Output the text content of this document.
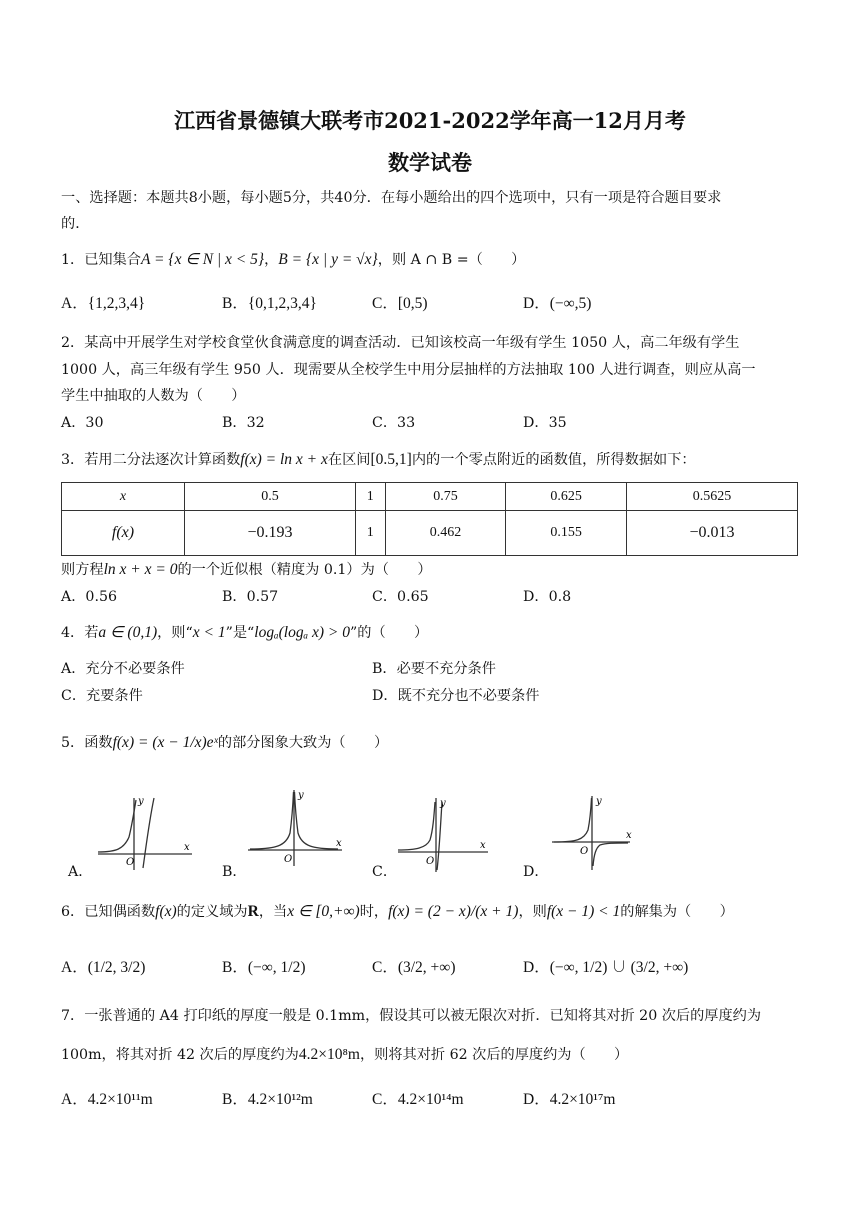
江西省景德镇大联考市2021-2022学年高一12月月考
数学试卷
一、选择题：本题共8小题，每小题5分，共40分．在每小题给出的四个选项中，只有一项是符合题目要求
的．
1．已知集合A = {x ∈ N | x < 5}，B = {x | y = √x}，则 A ∩ B =（　　）
A．{1,2,3,4}	B．{0,1,2,3,4}	C．[0,5)	D．(−∞,5)
2．某高中开展学生对学校食堂伙食满意度的调查活动．已知该校高一年级有学生 1050 人，高二年级有学生
1000 人，高三年级有学生 950 人．现需要从全校学生中用分层抽样的方法抽取 100 人进行调查，则应从高一
学生中抽取的人数为（　　）
A．30	B．32	C．33	D．35
3．若用二分法逐次计算函数f(x) = ln x + x在区间[0.5,1]内的一个零点附近的函数值，所得数据如下：
x	0.5	1	0.75	0.625	0.5625
f(x)	−0.193	1	0.462	0.155	−0.013
则方程ln x + x = 0的一个近似根（精度为 0.1）为（　　）
A．0.56	B．0.57	C．0.65	D．0.8
4．若a ∈ (0,1)，则“x < 1”是“logₐ(logₐ x) > 0”的（　　）
A．充分不必要条件	B．必要不充分条件
C．充要条件	D．既不充分也不必要条件
5．函数f(x) = (x − 1/x)eˣ的部分图象大致为（　　）
y
x
O
A．
y
x
O
B．
y
x
O
C．
y
x
O
D．
6．已知偶函数f(x)的定义域为R，当x ∈ [0,+∞)时，f(x) = (2 − x)/(x + 1)，则f(x − 1) < 1的解集为（　　）
A．(1/2, 3/2)	B．(−∞, 1/2)	C．(3/2, +∞)	D．(−∞, 1/2) ∪ (3/2, +∞)
7．一张普通的 A4 打印纸的厚度一般是 0.1mm，假设其可以被无限次对折．已知将其对折 20 次后的厚度约为
100m，将其对折 42 次后的厚度约为4.2×10⁸m，则将其对折 62 次后的厚度约为（　　）
A．4.2×10¹¹m	B．4.2×10¹²m	C．4.2×10¹⁴m	D．4.2×10¹⁷m
